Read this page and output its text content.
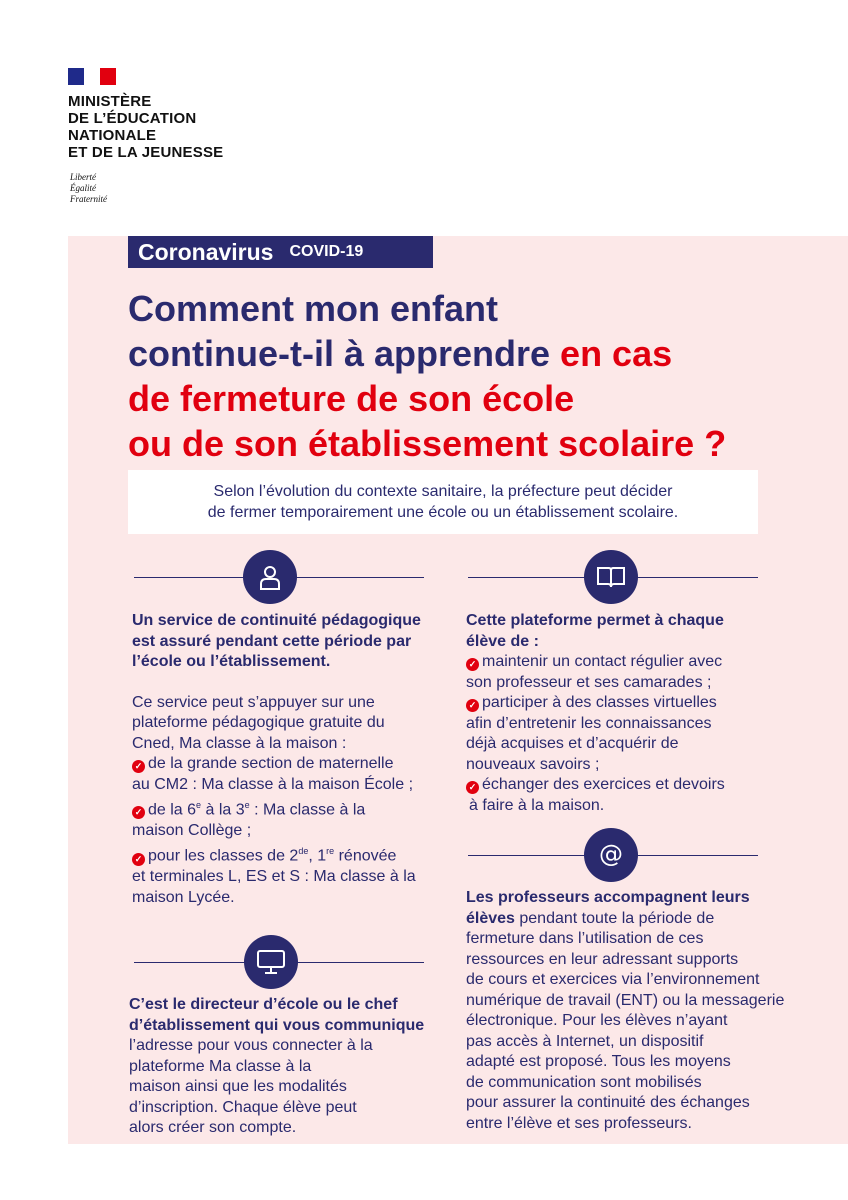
MINISTÈRE
DE L’ÉDUCATION
NATIONALE
ET DE LA JEUNESSE
Liberté
Égalité
Fraternité
Coronavirus COVID-19
Comment mon enfant
continue-t-il à apprendre en cas
de fermeture de son école
ou de son établissement scolaire ?
Selon l’évolution du contexte sanitaire, la préfecture peut décider
de fermer temporairement une école ou un établissement scolaire.
Un service de continuité pédagogique
est assuré pendant cette période par
l’école ou l’établissement.
Ce service peut s’appuyer sur une
plateforme pédagogique gratuite du
Cned, Ma classe à la maison :
✓ de la grande section de maternelle
au CM2 : Ma classe à la maison École ;
✓ de la 6e à la 3e : Ma classe à la
maison Collège ;
✓ pour les classes de 2de, 1re rénovée
et terminales L, ES et S : Ma classe à la
maison Lycée.
C’est le directeur d’école ou le chef
d’établissement qui vous communique
l’adresse pour vous connecter à la
plateforme Ma classe à la
maison ainsi que les modalités
d’inscription. Chaque élève peut
alors créer son compte.
Cette plateforme permet à chaque
élève de :
✓ maintenir un contact régulier avec
son professeur et ses camarades ;
✓ participer à des classes virtuelles
afin d’entretenir les connaissances
déjà acquises et d’acquérir de
nouveaux savoirs ;
✓ échanger des exercices et devoirs
à faire à la maison.
@
Les professeurs accompagnent leurs
élèves pendant toute la période de
fermeture dans l’utilisation de ces
ressources en leur adressant supports
de cours et exercices via l’environnement
numérique de travail (ENT) ou la messagerie
électronique. Pour les élèves n’ayant
pas accès à Internet, un dispositif
adapté est proposé. Tous les moyens
de communication sont mobilisés
pour assurer la continuité des échanges
entre l’élève et ses professeurs.
